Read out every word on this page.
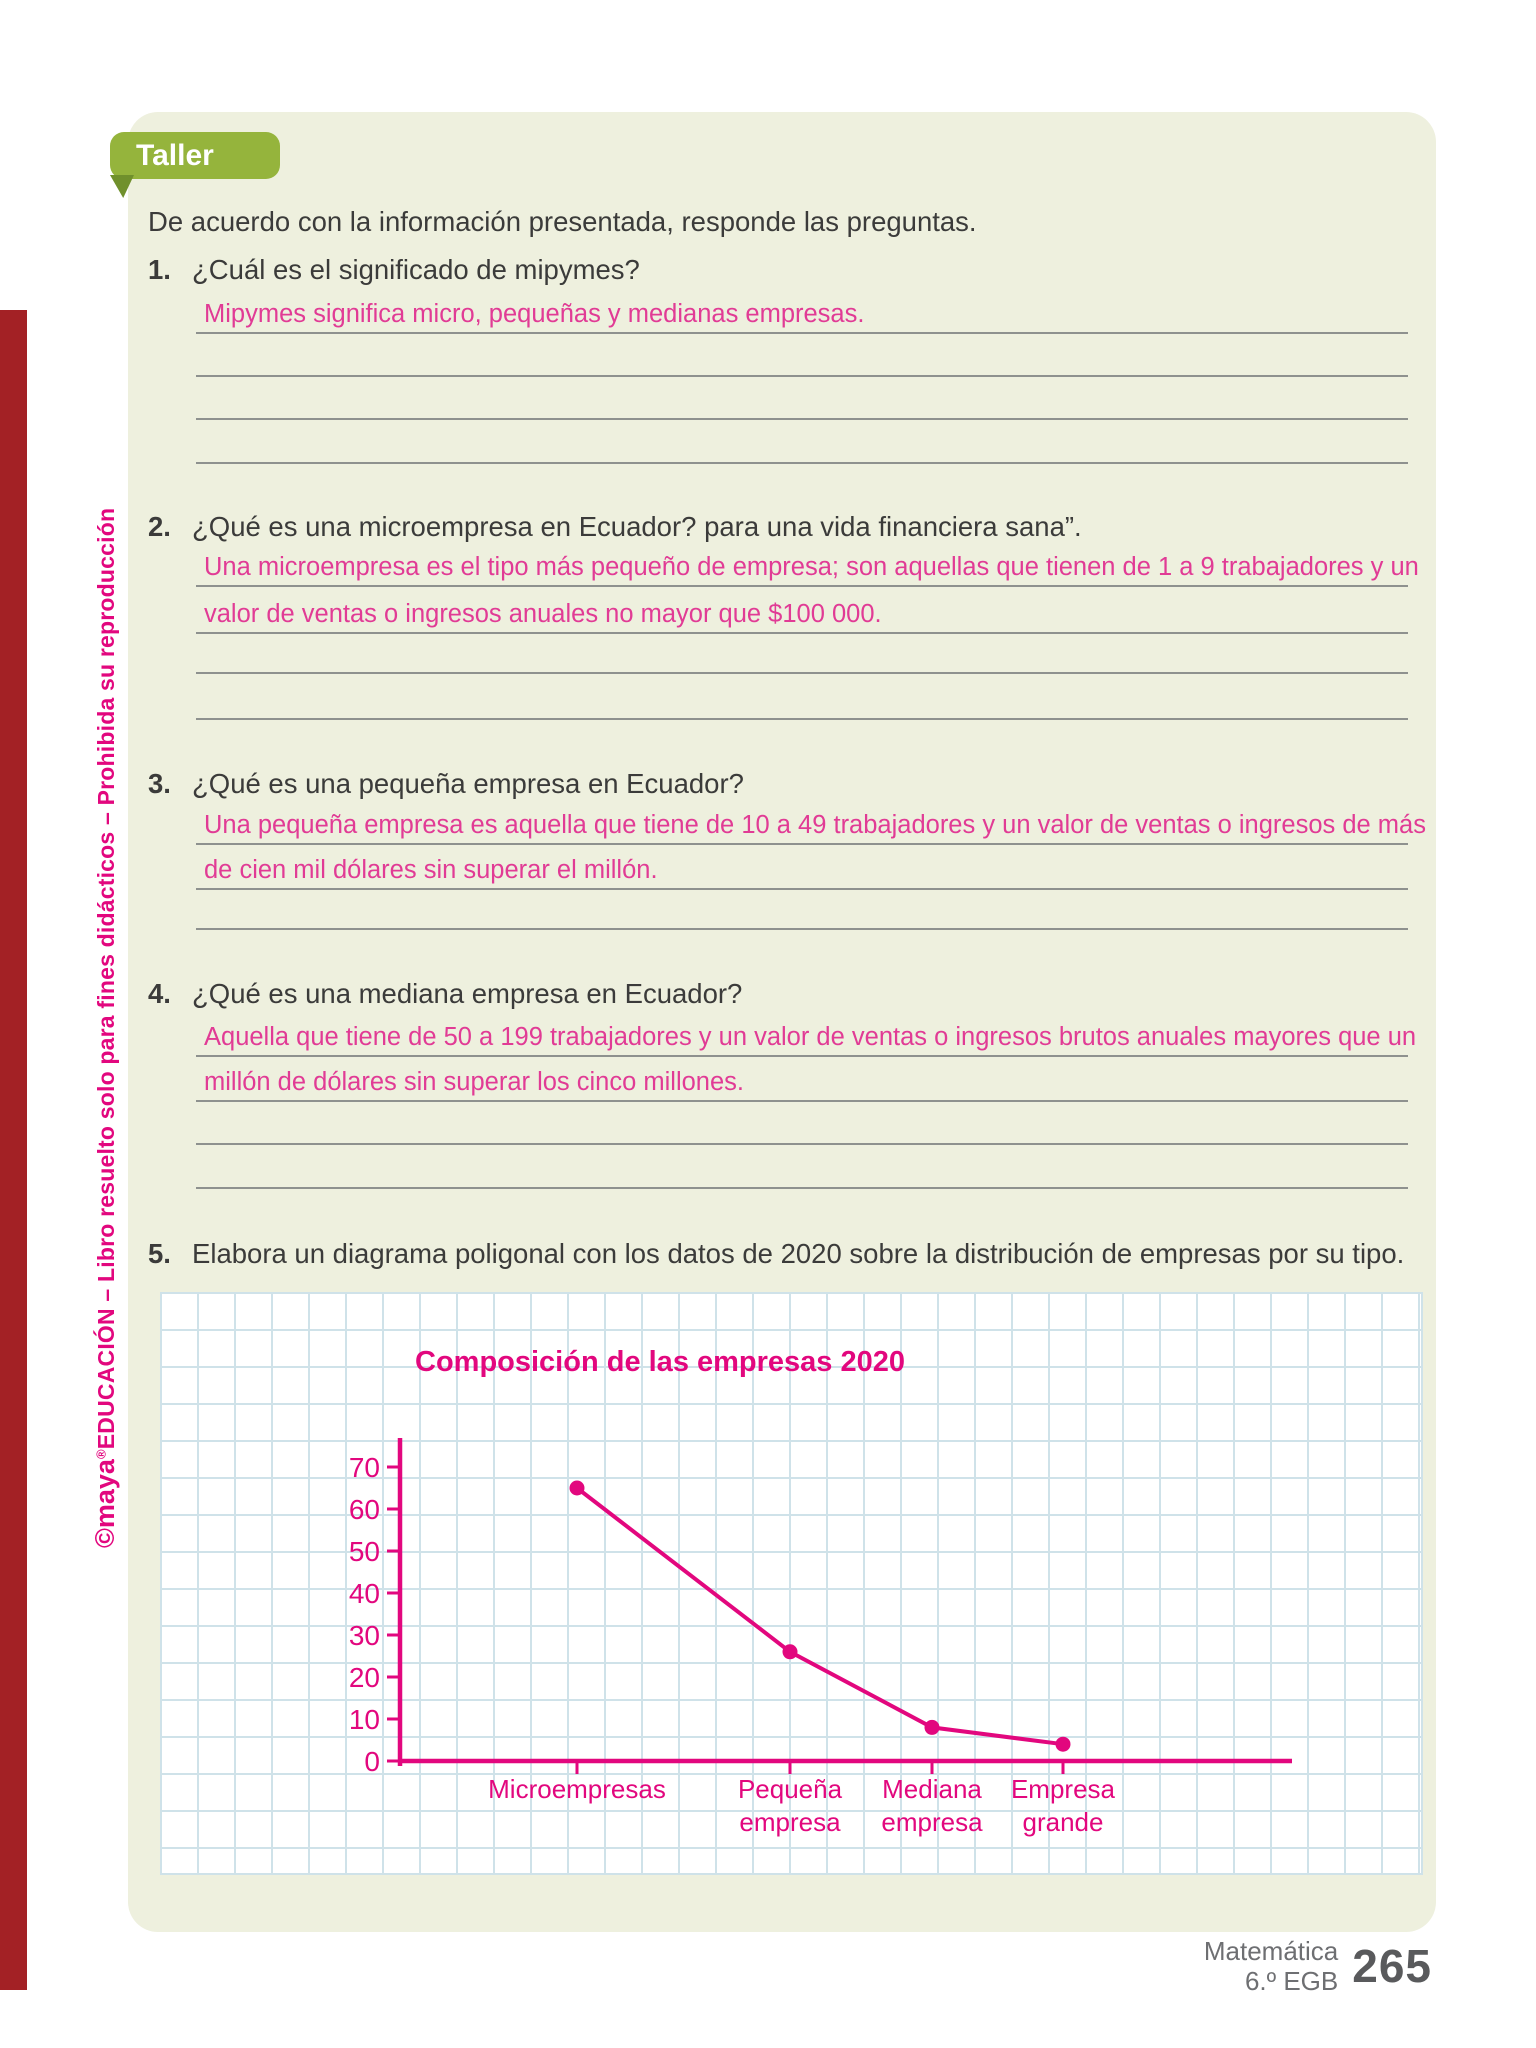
©maya®EDUCACIÓN – Libro resuelto solo para fines didácticos – Prohibida su reproducción
Taller
De acuerdo con la información presentada, responde las preguntas.
1. ¿Cuál es el significado de mipymes?
Mipymes significa micro, pequeñas y medianas empresas.
2. ¿Qué es una microempresa en Ecuador? para una vida financiera sana”.
Una microempresa es el tipo más pequeño de empresa; son aquellas que tienen de 1 a 9 trabajadores y un
valor de ventas o ingresos anuales no mayor que $100 000.
3. ¿Qué es una pequeña empresa en Ecuador?
Una pequeña empresa es aquella que tiene de 10 a 49 trabajadores y un valor de ventas o ingresos de más
de cien mil dólares sin superar el millón.
4. ¿Qué es una mediana empresa en Ecuador?
Aquella que tiene de 50 a 199 trabajadores y un valor de ventas o ingresos brutos anuales mayores que un
millón de dólares sin superar los cinco millones.
5. Elabora un diagrama poligonal con los datos de 2020 sobre la distribución de empresas por su tipo.
Composición de las empresas 2020
0
10
20
30
40
50
60
70
Microempresas	Pequeña empresa
Mediana empresa
Empresa grande
Matemática
6.º EGB 265
